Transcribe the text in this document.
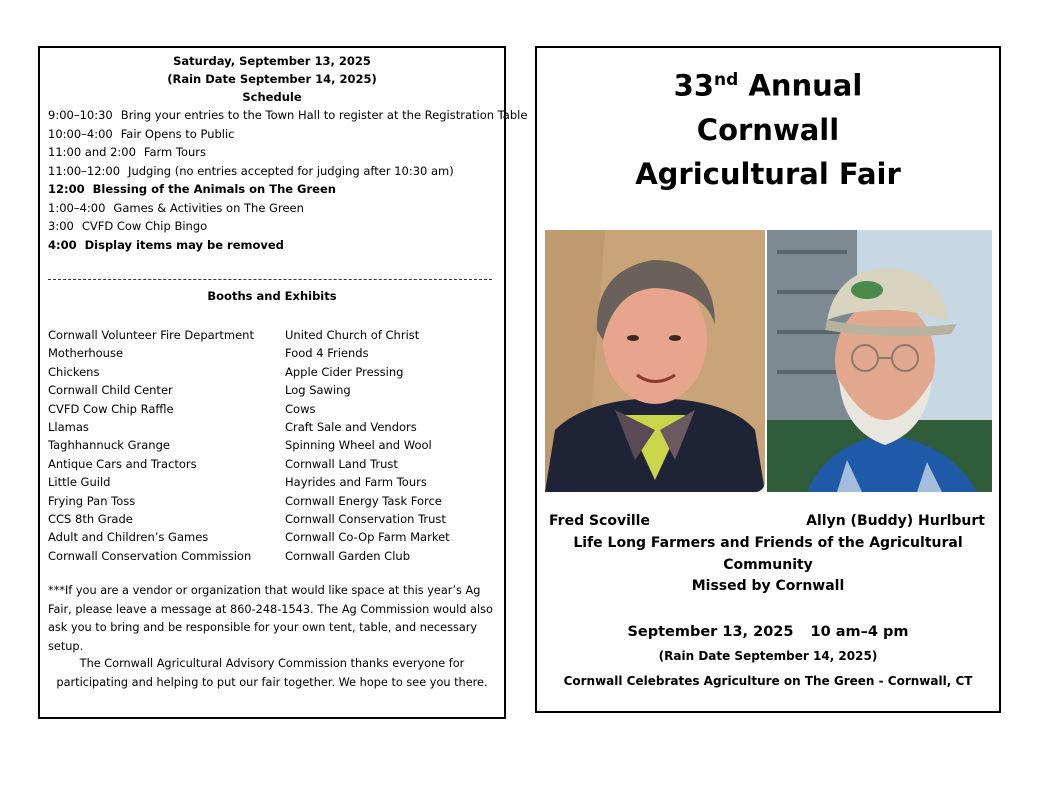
Saturday, September 13, 2025
(Rain Date September 14, 2025)
Schedule
9:00–10:30 Bring your entries to the Town Hall to register at the Registration Table
10:00–4:00 Fair Opens to Public
11:00 and 2:00 Farm Tours
11:00–12:00 Judging (no entries accepted for judging after 10:30 am)
12:00 Blessing of the Animals on The Green
1:00–4:00 Games & Activities on The Green
3:00 CVFD Cow Chip Bingo
4:00 Display items may be removed
Booths and Exhibits
Cornwall Volunteer Fire Department
Motherhouse
Chickens
Cornwall Child Center
CVFD Cow Chip Raffle
Llamas
Taghhannuck Grange
Antique Cars and Tractors
Little Guild
Frying Pan Toss
CCS 8th Grade
Adult and Children’s Games
Cornwall Conservation Commission
United Church of Christ
Food 4 Friends
Apple Cider Pressing
Log Sawing
Cows
Craft Sale and Vendors
Spinning Wheel and Wool
Cornwall Land Trust
Hayrides and Farm Tours
Cornwall Energy Task Force
Cornwall Conservation Trust
Cornwall Co-Op Farm Market
Cornwall Garden Club
***If you are a vendor or organization that would like space at this year’s Ag Fair, please leave a message at 860-248-1543. The Ag Commission would also ask you to bring and be responsible for your own tent, table, and necessary setup.
The Cornwall Agricultural Advisory Commission thanks everyone for participating and helping to put our fair together. We hope to see you there.
33nd Annual
Cornwall
Agricultural Fair
Fred Scoville	Allyn (Buddy) Hurlburt
Life Long Farmers and Friends of the Agricultural
Community
Missed by Cornwall
September 13, 2025 10 am–4 pm
(Rain Date September 14, 2025)
Cornwall Celebrates Agriculture on The Green - Cornwall, CT
